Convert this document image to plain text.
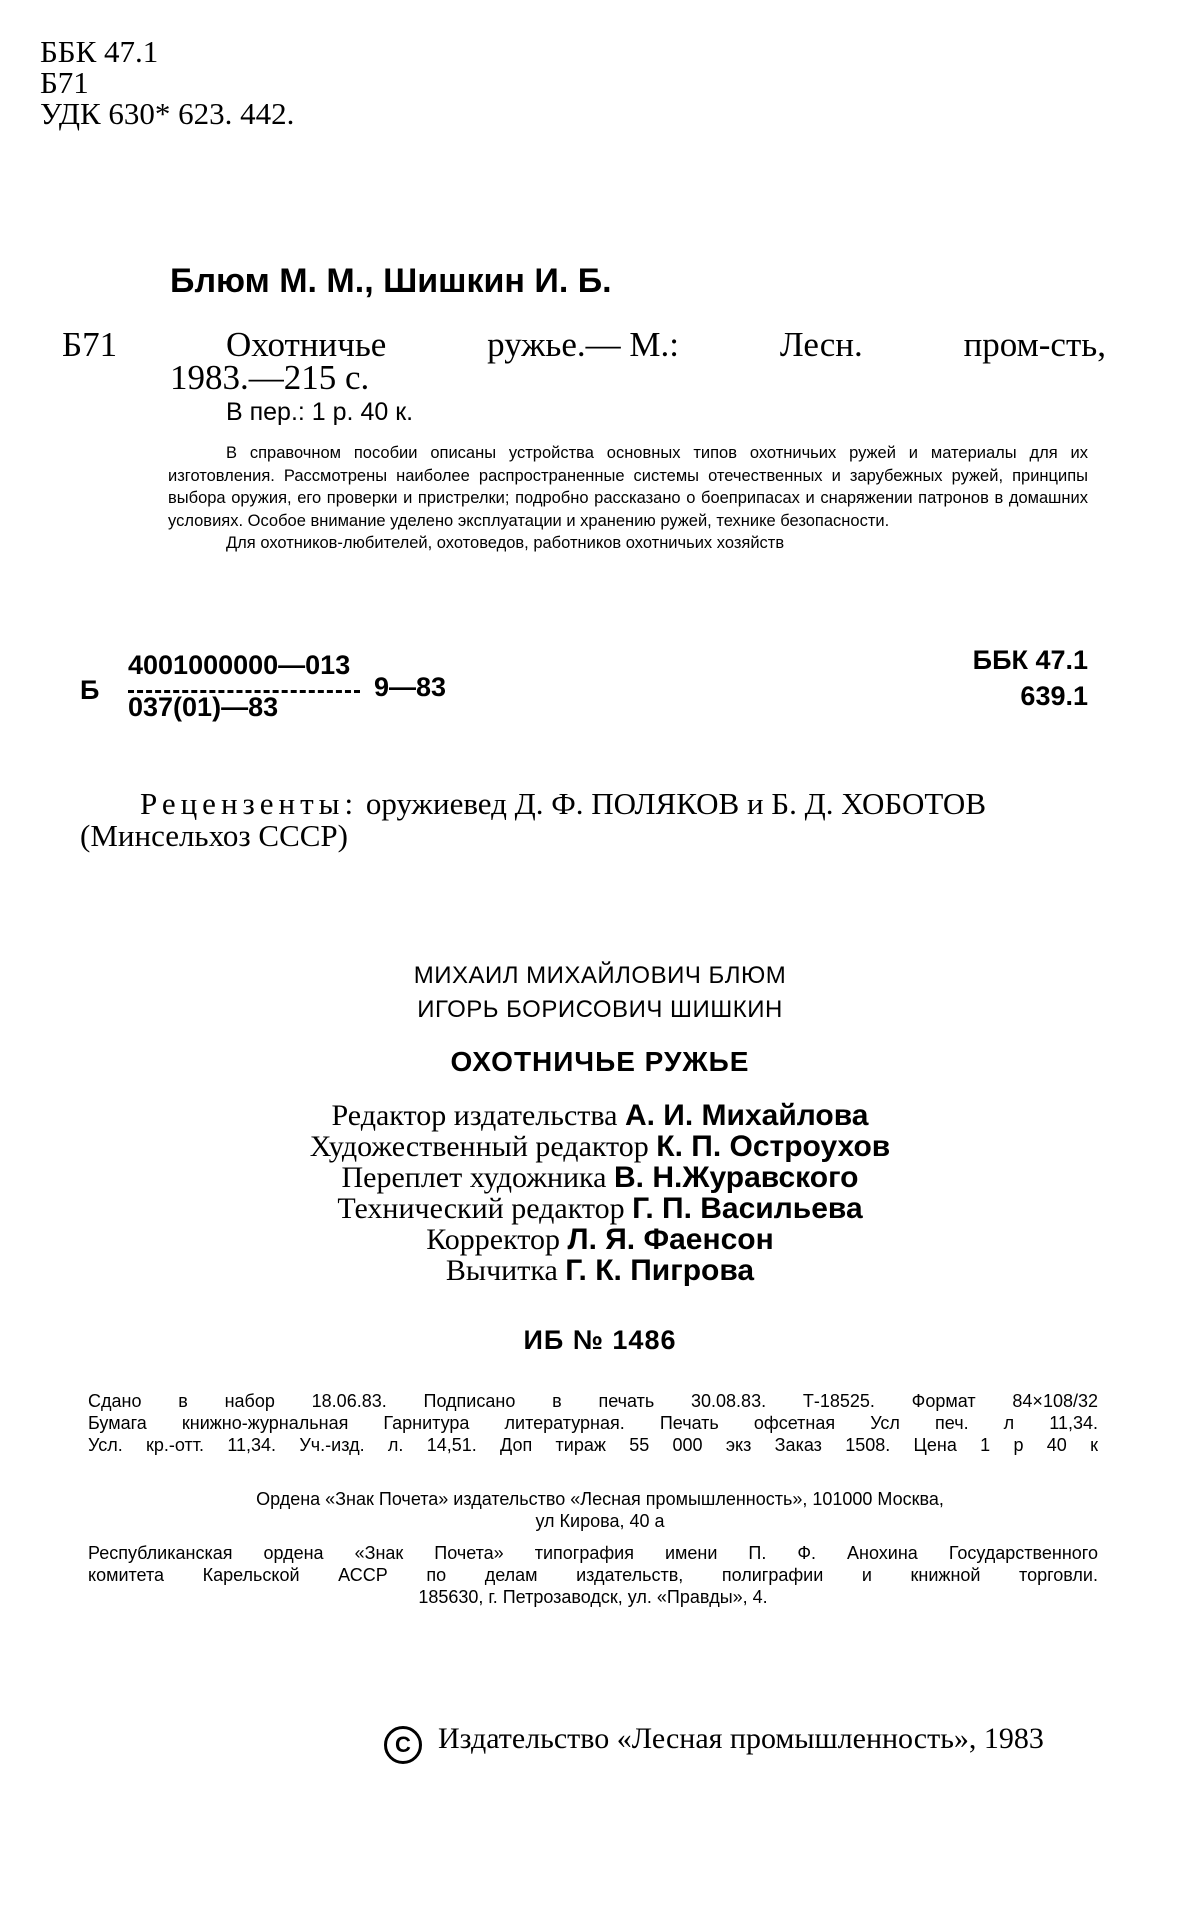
ББК 47.1
Б71
УДК 630* 623. 442.
Блюм М. М., Шишкин И. Б.
Б71	Охотничье	ружье.— М.:	Лесн.	пром-сть,
1983.—215 с.
В пер.: 1 р. 40 к.

В справочном пособии описаны устройства основных типов охотничьих ружей и материалы для их изготовления. Рассмотрены наиболее распространенные системы отечественных и зарубежных ружей, принципы выбора оружия, его проверки и пристрелки; подробно рассказано о боеприпасах и снаряжении патронов в домашних условиях. Особое внимание уделено эксплуатации и хранению ружей, технике безопасности.

Для охотников-любителей, охотоведов, работников охотничьих хозяйств

Б
4001000000—013
037(01)—83
9—83
ББК 47.1
639.1
Рецензенты: оружиевед Д. Ф. ПОЛЯКОВ и Б. Д. ХОБОТОВ
(Минсельхоз СССР)
МИХАИЛ МИХАЙЛОВИЧ БЛЮМ
ИГОРЬ БОРИСОВИЧ ШИШКИН
ОХОТНИЧЬЕ РУЖЬЕ
Редактор издательства А. И. Михайлова
Художественный редактор К. П. Остроухов
Переплет художника В. Н.Журавского
Технический редактор Г. П. Васильева
Корректор Л. Я. Фаенсон
Вычитка Г. К. Пигрова
ИБ № 1486
Сдано в набор 18.06.83. Подписано в печать 30.08.83. Т-18525. Формат 84×108/32
Бумага книжно-журнальная Гарнитура литературная. Печать офсетная Усл печ. л 11,34.
Усл. кр.-отт. 11,34. Уч.-изд. л. 14,51. Доп тираж 55 000 экз Заказ 1508. Цена 1 р 40 к
Ордена «Знак Почета» издательство «Лесная промышленность», 101000 Москва,
ул Кирова, 40 а
Республиканская ордена «Знак Почета» типография имени П. Ф. Анохина Государственного
комитета Карельской АССР по делам издательств, полиграфии и книжной торговли.
185630, г. Петрозаводск, ул. «Правды», 4.
C Издательство «Лесная промышленность», 1983
